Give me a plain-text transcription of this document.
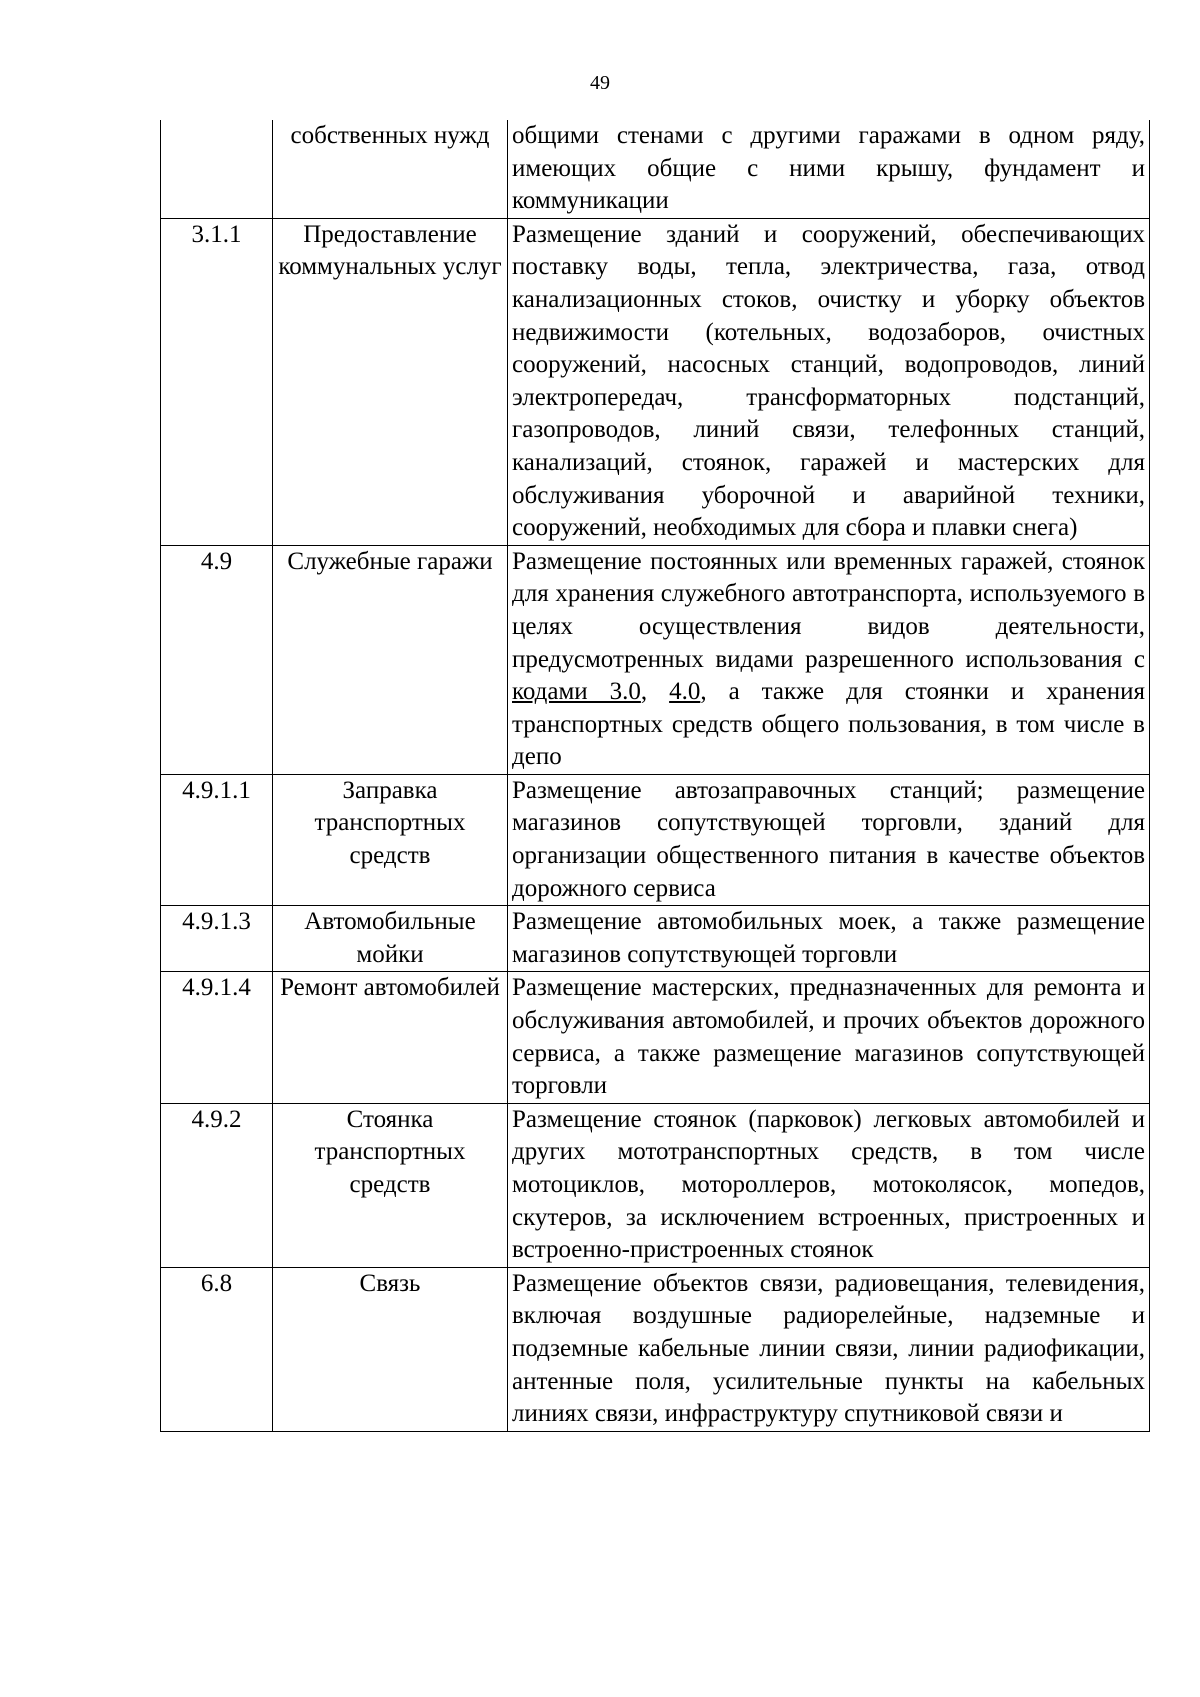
49
	собственных нужд	общими стенами с другими гаражами в одном ряду, имеющих общие с ними крышу, фундамент и коммуникации
3.1.1	Предоставление коммунальных услуг	Размещение зданий и сооружений, обеспечивающих поставку воды, тепла, электричества, газа, отвод канализационных стоков, очистку и уборку объектов недвижимости (котельных, водозаборов, очистных сооружений, насосных станций, водопроводов, линий электропередач, трансформаторных подстанций, газопроводов, линий связи, телефонных станций, канализаций, стоянок, гаражей и мастерских для обслуживания уборочной и аварийной техники, сооружений, необходимых для сбора и плавки снега)
4.9	Служебные гаражи	Размещение постоянных или временных гаражей, стоянок для хранения служебного автотранспорта, используемого в целях осуществления видов деятельности, предусмотренных видами разрешенного использования с кодами 3.0, 4.0, а также для стоянки и хранения транспортных средств общего пользования, в том числе в депо
4.9.1.1	Заправка транспортных средств	Размещение автозаправочных станций; размещение магазинов сопутствующей торговли, зданий для организации общественного питания в качестве объектов дорожного сервиса
4.9.1.3	Автомобильные мойки	Размещение автомобильных моек, а также размещение магазинов сопутствующей торговли
4.9.1.4	Ремонт автомобилей	Размещение мастерских, предназначенных для ремонта и обслуживания автомобилей, и прочих объектов дорожного сервиса, а также размещение магазинов сопутствующей торговли
4.9.2	Стоянка транспортных средств	Размещение стоянок (парковок) легковых автомобилей и других мототранспортных средств, в том числе мотоциклов, мотороллеров, мотоколясок, мопедов, скутеров, за исключением встроенных, пристроенных и встроенно-пристроенных стоянок
6.8	Связь	Размещение объектов связи, радиовещания, телевидения, включая воздушные радиорелейные, надземные и подземные кабельные линии связи, линии радиофикации, антенные поля, усилительные пункты на кабельных линиях связи, инфраструктуру спутниковой связи и
